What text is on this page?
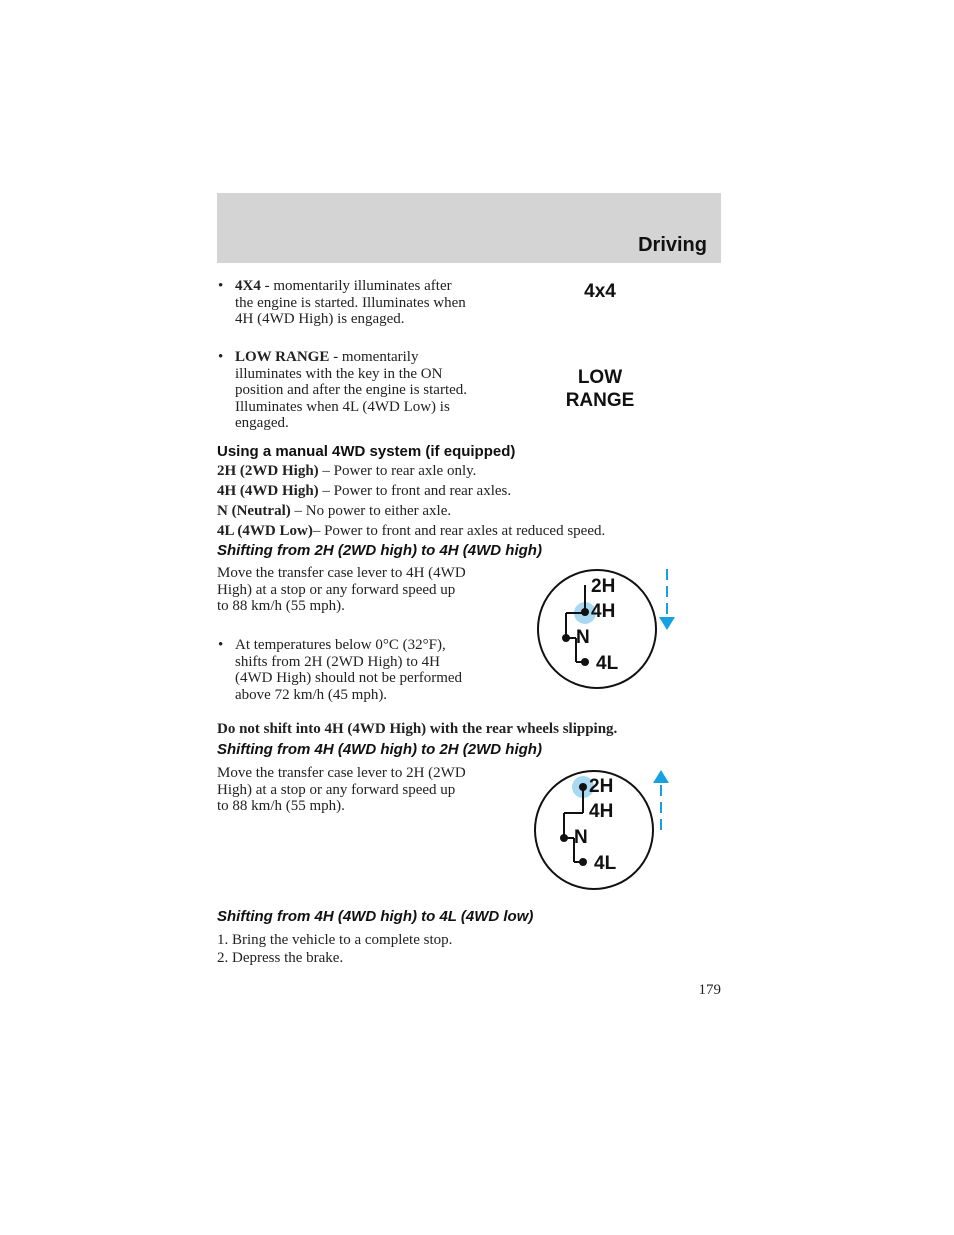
Driving
• 4X4 - momentarily illuminates after the engine is started. Illuminates when 4H (4WD High) is engaged.
4x4
• LOW RANGE - momentarily illuminates with the key in the ON position and after the engine is started. Illuminates when 4L (4WD Low) is engaged.
LOW
RANGE
Using a manual 4WD system (if equipped)
2H (2WD High) – Power to rear axle only.
4H (4WD High) – Power to front and rear axles.
N (Neutral) – No power to either axle.
4L (4WD Low)– Power to front and rear axles at reduced speed.
Shifting from 2H (2WD high) to 4H (4WD high)
Move the transfer case lever to 4H (4WD High) at a stop or any forward speed up to 88 km/h (55 mph).
• At temperatures below 0°C (32°F), shifts from 2H (2WD High) to 4H (4WD High) should not be performed above 72 km/h (45 mph).
Do not shift into 4H (4WD High) with the rear wheels slipping.
2H
4H
N
4L
Shifting from 4H (4WD high) to 2H (2WD high)
Move the transfer case lever to 2H (2WD High) at a stop or any forward speed up to 88 km/h (55 mph).
2H
4H
N
4L
Shifting from 4H (4WD high) to 4L (4WD low)
1. Bring the vehicle to a complete stop.
2. Depress the brake.
179
